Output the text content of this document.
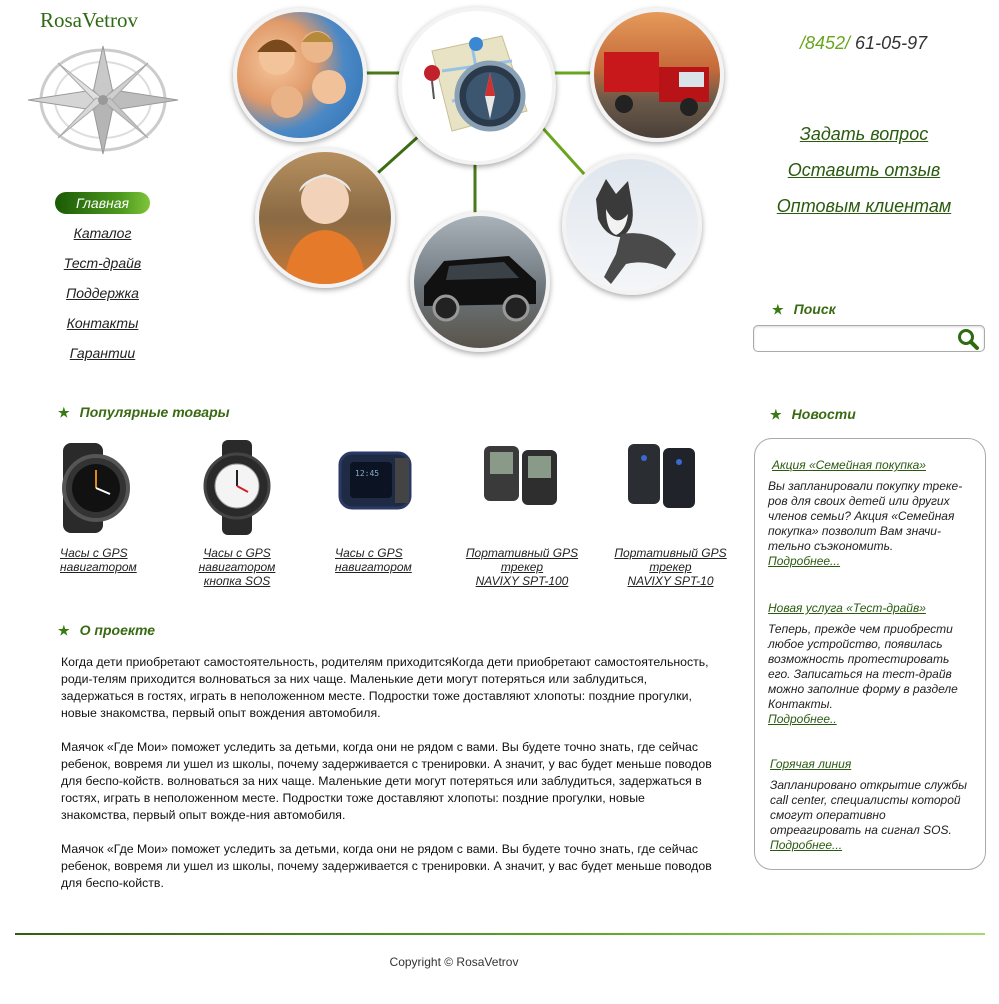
RosaVetrov
Главная
Каталог
Тест-драйв
Поддержка
Контакты
Гарантии
/8452/ 61-05-97
Задать вопрос
Оставить отзыв
Оптовым клиентам
★ Поиск
★ Популярные товары
Часы с GPS
навигатором
Часы с GPS
навигатором
кнопка SOS
12:45
Часы с GPS
навигатором
Портативный GPS
трекер
NAVIXY SPT-100
Портативный GPS
трекер
NAVIXY SPT-10
★ О проекте

Когда дети приобретают самостоятельность, родителям приходитсяКогда дети приобретают самостоятельность, роди-телям приходится волноваться за них чаще. Маленькие дети могут потеряться или заблудиться, задержаться в гостях, играть в неположенном месте. Подростки тоже доставляют хлопоты: поздние прогулки, новые знакомства, первый опыт вождения автомобиля.

Маячок «Где Мои» поможет уследить за детьми, когда они не рядом с вами. Вы будете точно знать, где сейчас ребенок, вовремя ли ушел из школы, почему задерживается с тренировки. А значит, у вас будет меньше поводов для беспо-койств. волноваться за них чаще. Маленькие дети могут потеряться или заблудиться, задержаться в гостях, играть в неположенном месте. Подростки тоже доставляют хлопоты: поздние прогулки, новые знакомства, первый опыт вожде-ния автомобиля.

Маячок «Где Мои» поможет уследить за детьми, когда они не рядом с вами. Вы будете точно знать, где сейчас ребенок, вовремя ли ушел из школы, почему задерживается с тренировки. А значит, у вас будет меньше поводов для беспо-койств.

★ Новости
Акция «Семейная покупка»
Вы запланировали покупку треке-ров для своих детей или других членов семьи? Акция «Семейная покупка» позволит Вам значи-тельно съэкономить.
Подробнее...
Новая услуга «Тест-драйв»
Теперь, прежде чем приобрести любое устройство, появилась возможность протестировать его. Записаться на тест-драйв можно заполние форму в разделе Контакты.
Подробнее..
Горячая линия
Запланировано открытие службы call center, специалисты которой смогут оперативно отреагировать на сигнал SOS.
Подробнее...
Copyright © RosaVetrov
